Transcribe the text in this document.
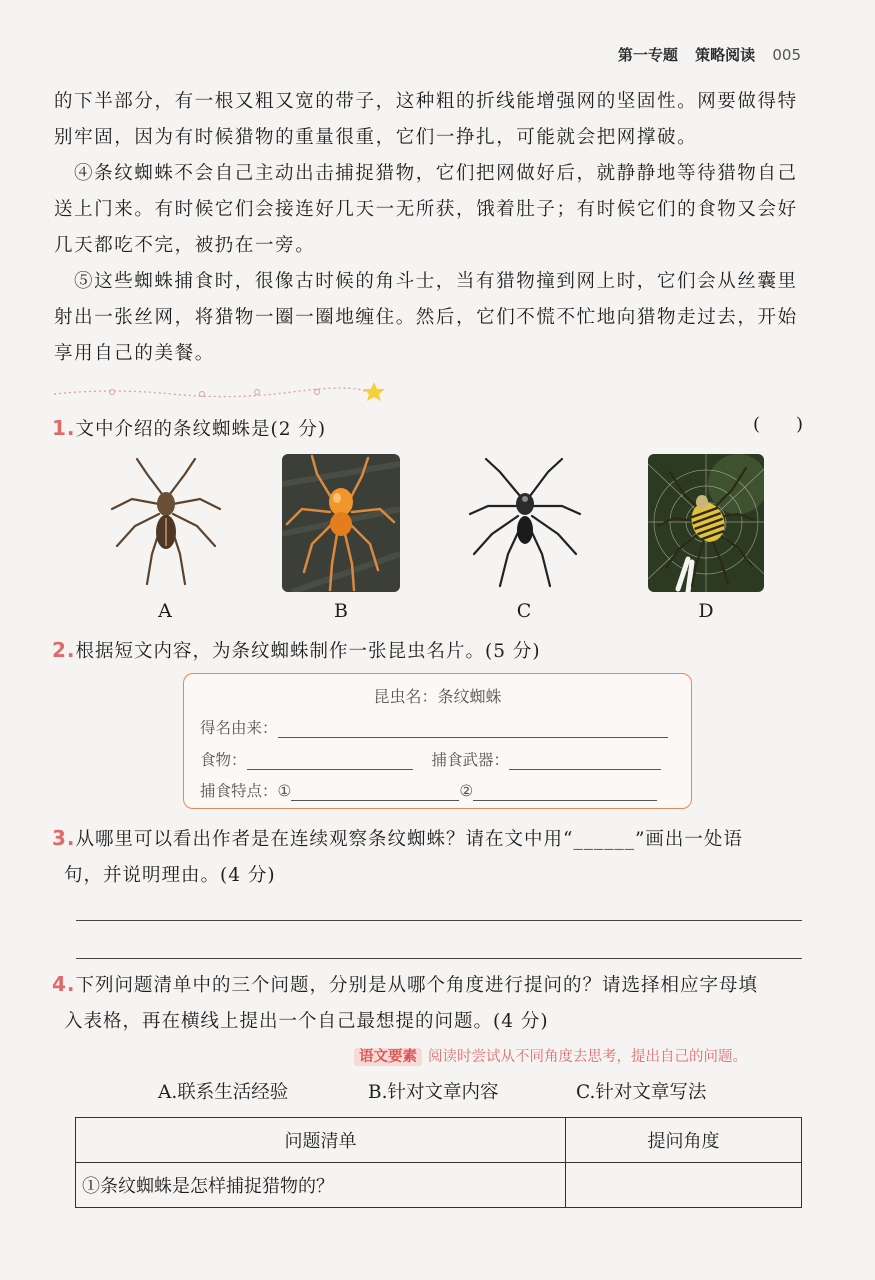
第一专题 策略阅读 005
的下半部分，有一根又粗又宽的带子，这种粗的折线能增强网的坚固性。网要做得特别牢固，因为有时候猎物的重量很重，它们一挣扎，可能就会把网撑破。
④条纹蜘蛛不会自己主动出击捕捉猎物，它们把网做好后，就静静地等待猎物自己送上门来。有时候它们会接连好几天一无所获，饿着肚子；有时候它们的食物又会好几天都吃不完，被扔在一旁。
⑤这些蜘蛛捕食时，很像古时候的角斗士，当有猎物撞到网上时，它们会从丝囊里射出一张丝网，将猎物一圈一圈地缠住。然后，它们不慌不忙地向猎物走过去，开始享用自己的美餐。
1.文中介绍的条纹蜘蛛是(2 分)	(　　)
A	B	C	D
2.根据短文内容，为条纹蜘蛛制作一张昆虫名片。(5 分)
昆虫名：条纹蜘蛛
得名由来：
食物：	捕食武器：
捕食特点：①	②
3.从哪里可以看出作者是在连续观察条纹蜘蛛？请在文中用“______”画出一处语
句，并说明理由。(4 分)
4.下列问题清单中的三个问题，分别是从哪个角度进行提问的？请选择相应字母填
入表格，再在横线上提出一个自己最想提的问题。(4 分)
语文要素 阅读时尝试从不同角度去思考，提出自己的问题。
A.联系生活经验	B.针对文章内容	C.针对文章写法
问题清单	提问角度
①条纹蜘蛛是怎样捕捉猎物的？	
